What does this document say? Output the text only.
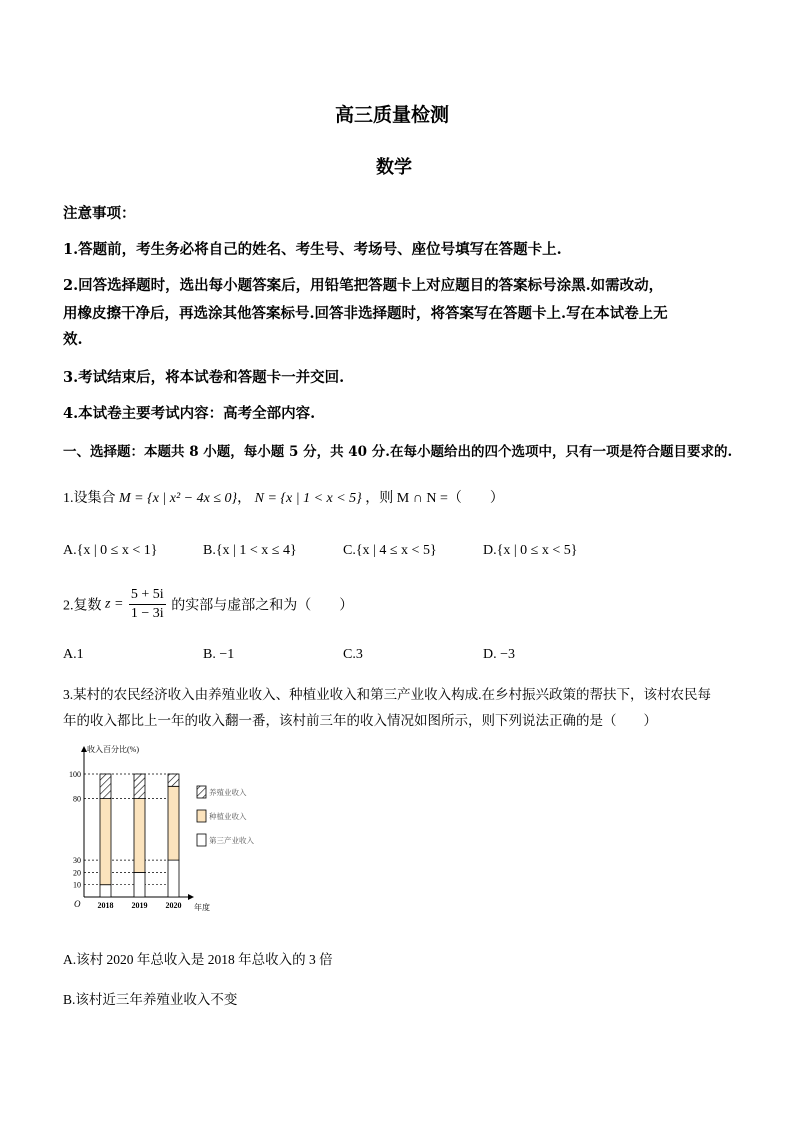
高三质量检测
数学
注意事项：
1.答题前，考生务必将自己的姓名、考生号、考场号、座位号填写在答题卡上.
2.回答选择题时，选出每小题答案后，用铅笔把答题卡上对应题目的答案标号涂黑.如需改动，
用橡皮擦干净后，再选涂其他答案标号.回答非选择题时，将答案写在答题卡上.写在本试卷上无
效.
3.考试结束后，将本试卷和答题卡一并交回.
4.本试卷主要考试内容：高考全部内容.
一、选择题：本题共 8 小题，每小题 5 分，共 40 分.在每小题给出的四个选项中，只有一项是符合题目要求的.
1.设集合 M = {x | x² − 4x ≤ 0}， N = {x | 1 < x < 5} ，则 M ∩ N =（　　）
A.{x | 0 ≤ x < 1}	B.{x | 1 < x ≤ 4}	C.{x | 4 ≤ x < 5}	D.{x | 0 ≤ x < 5}
2.复数 $z = \frac{5 + 5i}{1 - 3i}$ 的实部与虚部之和为（　　）
A.1	B. −1	C.3	D. −3
3.某村的农民经济收入由养殖业收入、种植业收入和第三产业收入构成.在乡村振兴政策的帮扶下，该村农民每
年的收入都比上一年的收入翻一番，该村前三年的收入情况如图所示，则下列说法正确的是（　　）
收入百分比(%)
年度
O
10
20
30
80
100
2018 2019 2020
养殖业收入
种植业收入
第三产业收入
A.该村 2020 年总收入是 2018 年总收入的 3 倍
B.该村近三年养殖业收入不变
